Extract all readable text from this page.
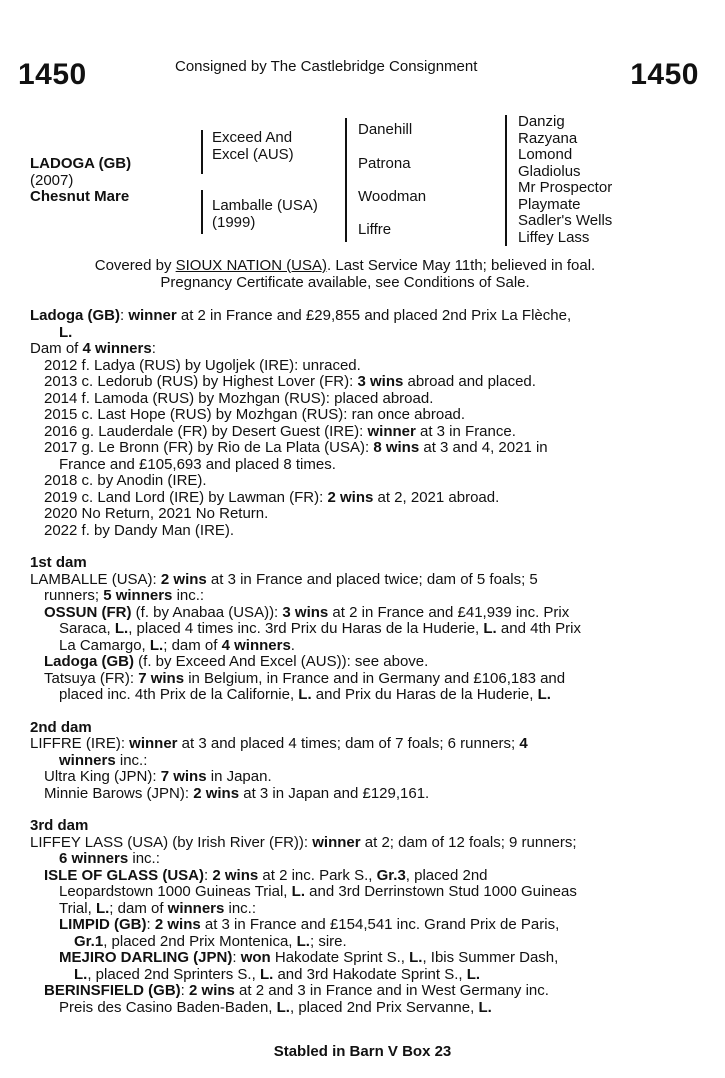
1450	1450
Consigned by The Castlebridge Consignment
LADOGA (GB)
(2007)
Chesnut Mare
Exceed And
Excel (AUS)
Lamballe (USA)
(1999)
Danehill
Patrona
Woodman
Liffre
Danzig
Razyana
Lomond
Gladiolus
Mr Prospector
Playmate
Sadler's Wells
Liffey Lass
Covered by SIOUX NATION (USA). Last Service May 11th; believed in foal.
Pregnancy Certificate available, see Conditions of Sale.
Ladoga (GB): winner at 2 in France and £29,855 and placed 2nd Prix La Flèche,
L.
Dam of 4 winners:
2012 f. Ladya (RUS) by Ugoljek (IRE): unraced.
2013 c. Ledorub (RUS) by Highest Lover (FR): 3 wins abroad and placed.
2014 f. Lamoda (RUS) by Mozhgan (RUS): placed abroad.
2015 c. Last Hope (RUS) by Mozhgan (RUS): ran once abroad.
2016 g. Lauderdale (FR) by Desert Guest (IRE): winner at 3 in France.
2017 g. Le Bronn (FR) by Rio de La Plata (USA): 8 wins at 3 and 4, 2021 in
France and £105,693 and placed 8 times.
2018 c. by Anodin (IRE).
2019 c. Land Lord (IRE) by Lawman (FR): 2 wins at 2, 2021 abroad.
2020 No Return, 2021 No Return.
2022 f. by Dandy Man (IRE).
1st dam
LAMBALLE (USA): 2 wins at 3 in France and placed twice; dam of 5 foals; 5
runners; 5 winners inc.:
OSSUN (FR) (f. by Anabaa (USA)): 3 wins at 2 in France and £41,939 inc. Prix
Saraca, L., placed 4 times inc. 3rd Prix du Haras de la Huderie, L. and 4th Prix
La Camargo, L.; dam of 4 winners.
Ladoga (GB) (f. by Exceed And Excel (AUS)): see above.
Tatsuya (FR): 7 wins in Belgium, in France and in Germany and £106,183 and
placed inc. 4th Prix de la Californie, L. and Prix du Haras de la Huderie, L.
2nd dam
LIFFRE (IRE): winner at 3 and placed 4 times; dam of 7 foals; 6 runners; 4
winners inc.:
Ultra King (JPN): 7 wins in Japan.
Minnie Barows (JPN): 2 wins at 3 in Japan and £129,161.
3rd dam
LIFFEY LASS (USA) (by Irish River (FR)): winner at 2; dam of 12 foals; 9 runners;
6 winners inc.:
ISLE OF GLASS (USA): 2 wins at 2 inc. Park S., Gr.3, placed 2nd
Leopardstown 1000 Guineas Trial, L. and 3rd Derrinstown Stud 1000 Guineas
Trial, L.; dam of winners inc.:
LIMPID (GB): 2 wins at 3 in France and £154,541 inc. Grand Prix de Paris,
Gr.1, placed 2nd Prix Montenica, L.; sire.
MEJIRO DARLING (JPN): won Hakodate Sprint S., L., Ibis Summer Dash,
L., placed 2nd Sprinters S., L. and 3rd Hakodate Sprint S., L.
BERINSFIELD (GB): 2 wins at 2 and 3 in France and in West Germany inc.
Preis des Casino Baden-Baden, L., placed 2nd Prix Servanne, L.
Stabled in Barn V Box 23
